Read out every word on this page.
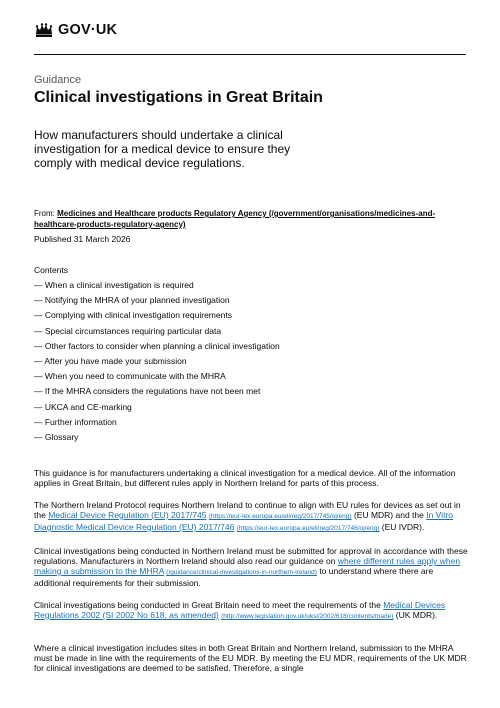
GOV·UK
Guidance
Clinical investigations in Great Britain

How manufacturers should undertake a clinical investigation for a medical device to ensure they comply with medical device regulations.

From: Medicines and Healthcare products Regulatory Agency (/government/organisations/medicines-and-healthcare-products-regulatory-agency)
Published 31 March 2026
Contents
— When a clinical investigation is required
— Notifying the MHRA of your planned investigation
— Complying with clinical investigation requirements
— Special circumstances requiring particular data
— Other factors to consider when planning a clinical investigation
— After you have made your submission
— When you need to communicate with the MHRA
— If the MHRA considers the regulations have not been met
— UKCA and CE-marking
— Further information
— Glossary

This guidance is for manufacturers undertaking a clinical investigation for a medical device. All of the information applies in Great Britain, but different rules apply in Northern Ireland for parts of this process.

The Northern Ireland Protocol requires Northern Ireland to continue to align with EU rules for devices as set out in the Medical Device Regulation (EU) 2017/745 (https://eur-lex.europa.eu/eli/reg/2017/745/oj/eng) (EU MDR) and the In Vitro Diagnostic Medical Device Regulation (EU) 2017/746 (https://eur-lex.europa.eu/eli/reg/2017/746/oj/eng) (EU IVDR).

Clinical investigations being conducted in Northern Ireland must be submitted for approval in accordance with these regulations. Manufacturers in Northern Ireland should also read our guidance on where different rules apply when making a submission to the MHRA (/guidance/clinical-investigations-in-northern-ireland) to understand where there are additional requirements for their submission.

Clinical investigations being conducted in Great Britain need to meet the requirements of the Medical Devices Regulations 2002 (SI 2002 No 618, as amended) (http://www.legislation.gov.uk/uksi/2002/618/contents/made) (UK MDR).

Where a clinical investigation includes sites in both Great Britain and Northern Ireland, submission to the MHRA must be made in line with the requirements of the EU MDR. By meeting the EU MDR, requirements of the UK MDR for clinical investigations are deemed to be satisfied. Therefore, a single
